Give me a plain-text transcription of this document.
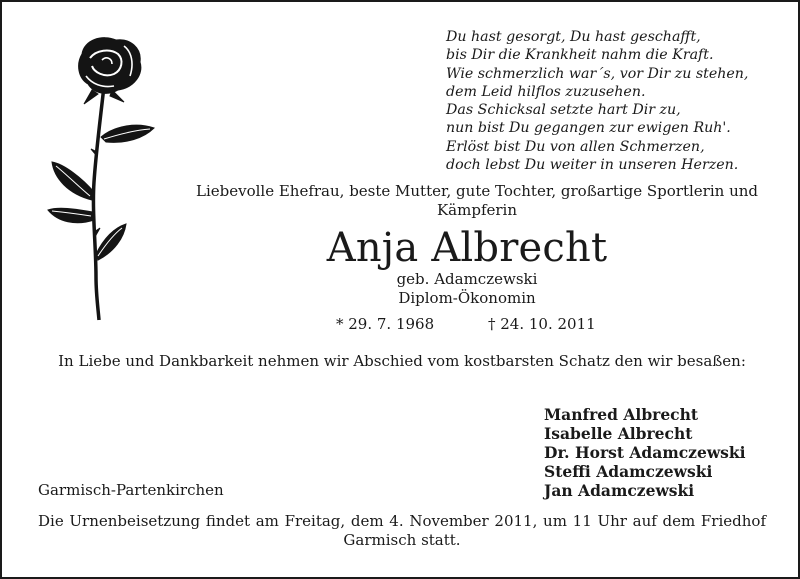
Du hast gesorgt, Du hast geschafft,
bis Dir die Krankheit nahm die Kraft.
Wie schmerzlich war´s, vor Dir zu stehen,
dem Leid hilflos zuzusehen.
Das Schicksal setzte hart Dir zu,
nun bist Du gegangen zur ewigen Ruh'.
Erlöst bist Du von allen Schmerzen,
doch lebst Du weiter in unseren Herzen.
Liebevolle Ehefrau, beste Mutter, gute Tochter, großartige Sportlerin und Kämpferin
Anja Albrecht
geb. Adamczewski
Diplom-Ökonomin
* 29. 7. 1968	† 24. 10. 2011
In Liebe und Dankbarkeit nehmen wir Abschied vom kostbarsten Schatz den wir besaßen:
Manfred Albrecht
Isabelle Albrecht
Dr. Horst Adamczewski
Steffi Adamczewski
Jan Adamczewski
Garmisch-Partenkirchen
Die Urnenbeisetzung findet am Freitag, dem 4. November 2011, um 11 Uhr auf dem Friedhof Garmisch statt.
